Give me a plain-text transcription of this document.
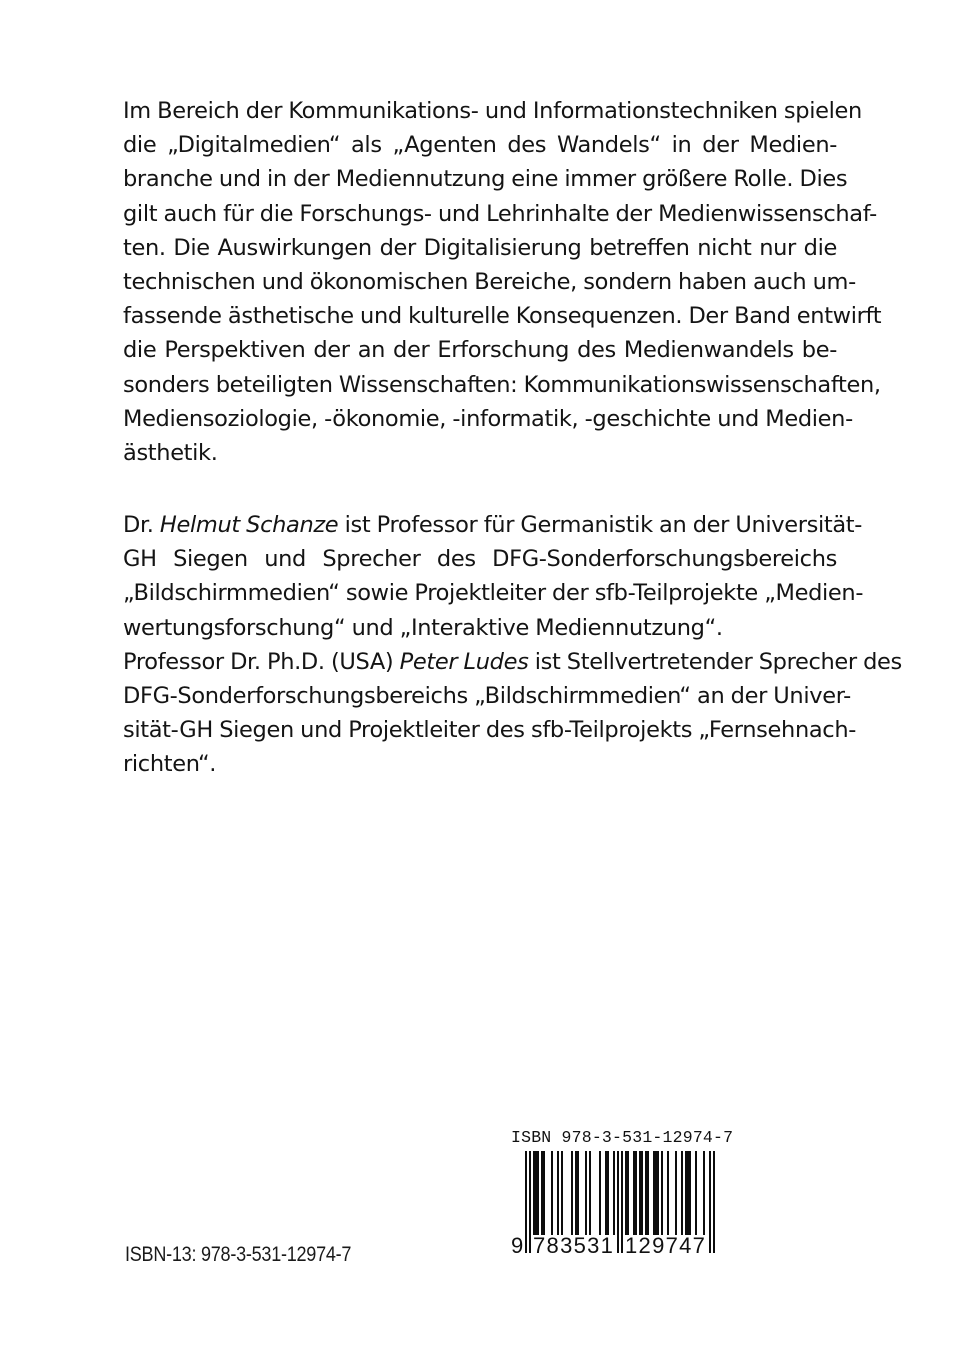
Im Bereich der Kommunikations- und Informationstechniken spielen
die „Digitalmedien“ als „Agenten des Wandels“ in der Medien-
branche und in der Mediennutzung eine immer größere Rolle. Dies
gilt auch für die Forschungs- und Lehrinhalte der Medienwissenschaf-
ten. Die Auswirkungen der Digitalisierung betreffen nicht nur die
technischen und ökonomischen Bereiche, sondern haben auch um-
fassende ästhetische und kulturelle Konsequenzen. Der Band entwirft
die Perspektiven der an der Erforschung des Medienwandels be-
sonders beteiligten Wissenschaften: Kommunikationswissenschaften,
Mediensoziologie, -ökonomie, -informatik, -geschichte und Medien-
ästhetik.
Dr. Helmut Schanze ist Professor für Germanistik an der Universität-
GH Siegen und Sprecher des DFG-Sonderforschungsbereichs
„Bildschirmmedien“ sowie Projektleiter der sfb-Teilprojekte „Medien-
wertungsforschung“ und „Interaktive Mediennutzung“.
Professor Dr. Ph.D. (USA) Peter Ludes ist Stellvertretender Sprecher des
DFG-Sonderforschungsbereichs „Bildschirmmedien“ an der Univer-
sität-GH Siegen und Projektleiter des sfb-Teilprojekts „Fernsehnach-
richten“.
ISBN-13: 978-3-531-12974-7
ISBN 978-3-531-12974-7
9 783531 129747
